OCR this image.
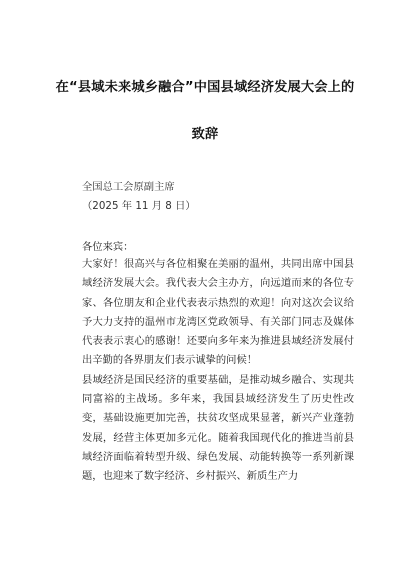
在“县域未来城乡融合”中国县域经济发展大会上的
致辞
全国总工会原副主席
（2025 年 11 月 8 日）
各位来宾：

大家好！很高兴与各位相聚在美丽的温州，共同出席中国县域经济发展大会。我代表大会主办方，向远道而来的各位专家、各位朋友和企业代表表示热烈的欢迎！向对这次会议给予大力支持的温州市龙湾区党政领导、有关部门同志及媒体代表表示衷心的感谢！还要向多年来为推进县域经济发展付出辛勤的各界朋友们表示诚挚的问候！

县域经济是国民经济的重要基础，是推动城乡融合、实现共同富裕的主战场。多年来，我国县域经济发生了历史性改变，基础设施更加完善，扶贫攻坚成果显著，新兴产业蓬勃发展，经营主体更加多元化。随着我国现代化的推进当前县域经济面临着转型升级、绿色发展、动能转换等一系列新课题，也迎来了数字经济、乡村振兴、新质生产力
